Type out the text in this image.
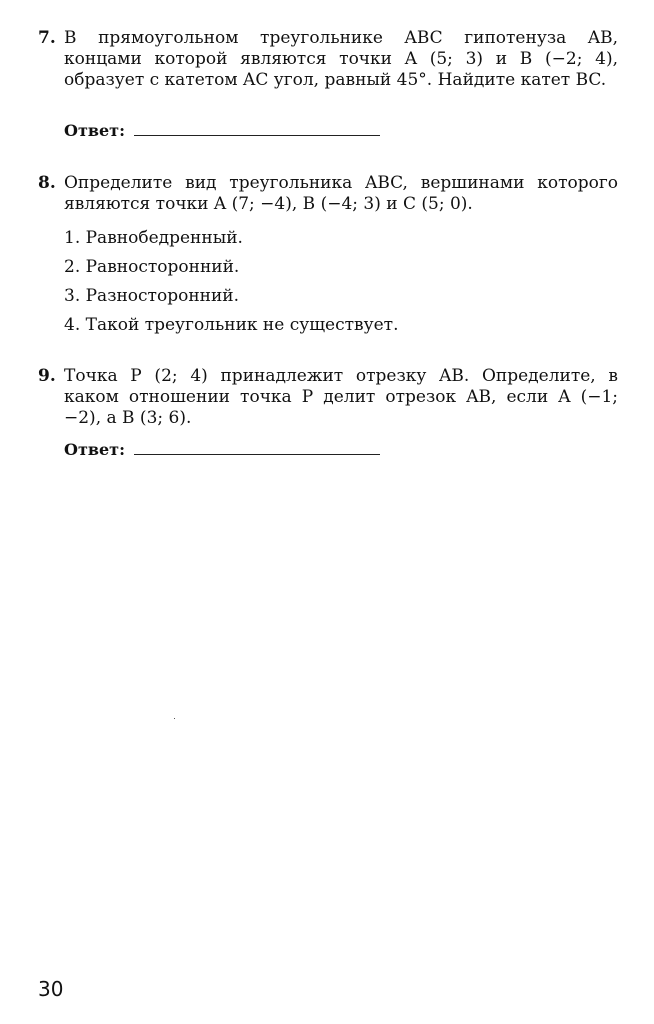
7. В прямоугольном треугольнике ABC гипотенуза AB, концами которой являются точки A (5; 3) и B (−2; 4), образует с катетом AC угол, равный 45°. Найдите катет BC.
Ответ:
8. Определите вид треугольника ABC, вершинами которого являются точки A (7; −4), B (−4; 3) и C (5; 0).
1. Равнобедренный.
2. Равносторонний.
3. Разносторонний.
4. Такой треугольник не существует.
9. Точка P (2; 4) принадлежит отрезку AB. Определите, в каком отношении точка P делит отрезок AB, если A (−1; −2), а B (3; 6).
Ответ:
30
